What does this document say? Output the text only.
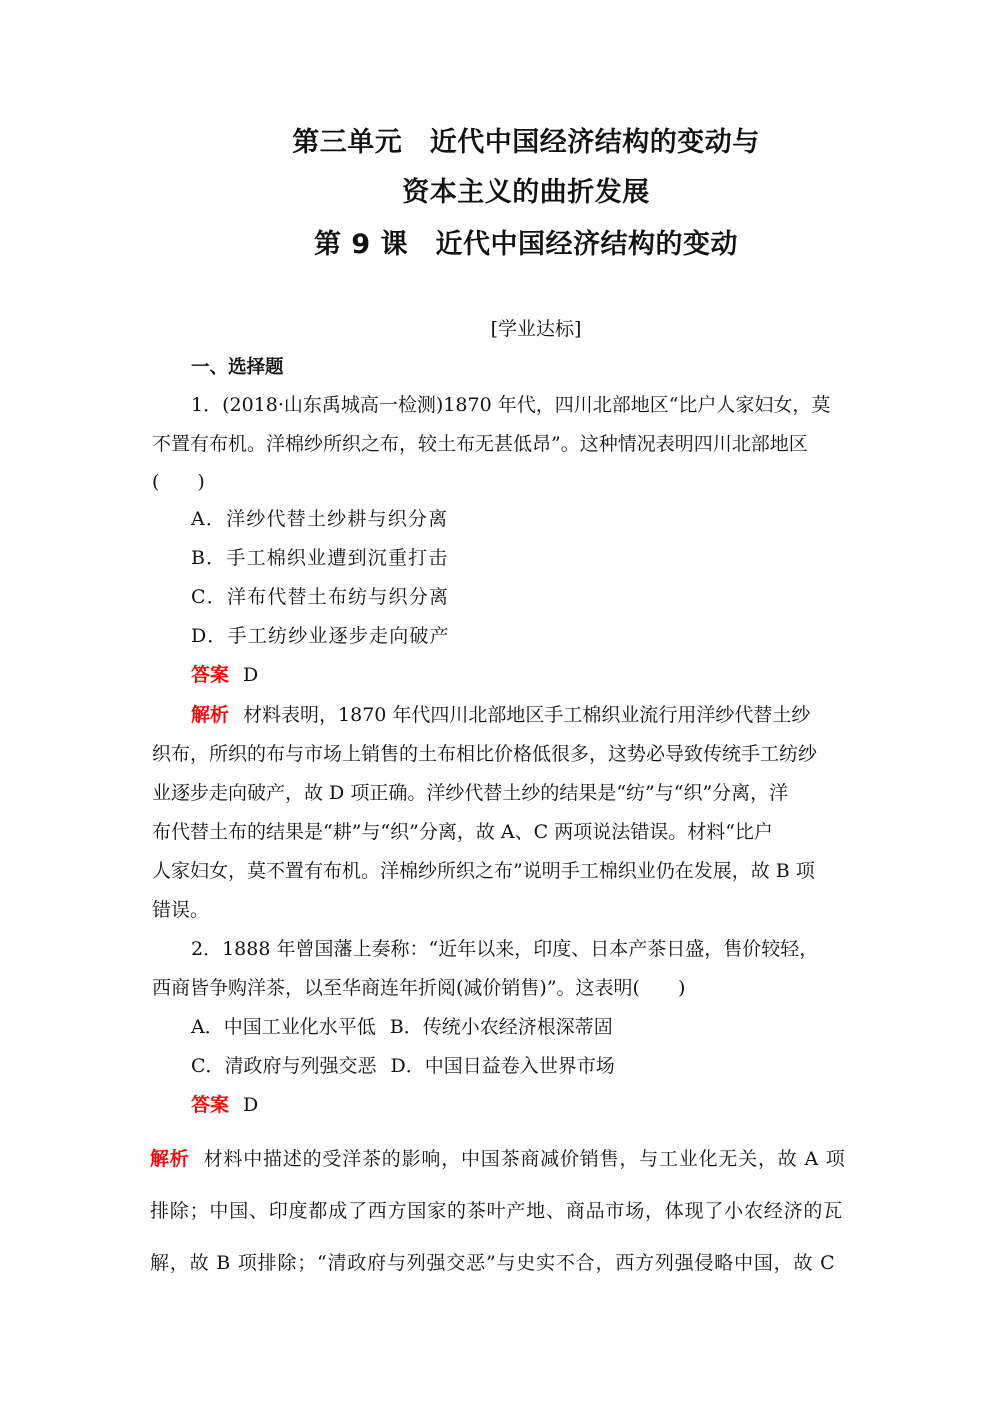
第三单元　近代中国经济结构的变动与
资本主义的曲折发展
第 9 课　近代中国经济结构的变动
[学业达标]
一、选择题
1．(2018·山东禹城高一检测)1870 年代，四川北部地区“比户人家妇女，莫
不置有布机。洋棉纱所织之布，较土布无甚低昂”。这种情况表明四川北部地区
(　　)
A．洋纱代替土纱耕与织分离
B．手工棉织业遭到沉重打击
C．洋布代替土布纺与织分离
D．手工纺纱业逐步走向破产
答案 D
解析 材料表明，1870 年代四川北部地区手工棉织业流行用洋纱代替土纱
织布，所织的布与市场上销售的土布相比价格低很多，这势必导致传统手工纺纱
业逐步走向破产，故 D 项正确。洋纱代替土纱的结果是“纺”与“织”分离，洋
布代替土布的结果是“耕”与“织”分离，故 A、C 两项说法错误。材料“比户
人家妇女，莫不置有布机。洋棉纱所织之布”说明手工棉织业仍在发展，故 B 项
错误。
2．1888 年曾国藩上奏称：“近年以来，印度、日本产茶日盛，售价较轻，
西商皆争购洋茶，以至华商连年折阅(减价销售)”。这表明(　　)
A．中国工业化水平低 B．传统小农经济根深蒂固
C．清政府与列强交恶 D．中国日益卷入世界市场
答案 D
解析 材料中描述的受洋茶的影响，中国茶商减价销售，与工业化无关，故 A 项
排除；中国、印度都成了西方国家的茶叶产地、商品市场，体现了小农经济的瓦
解，故 B 项排除；“清政府与列强交恶”与史实不合，西方列强侵略中国，故 C
